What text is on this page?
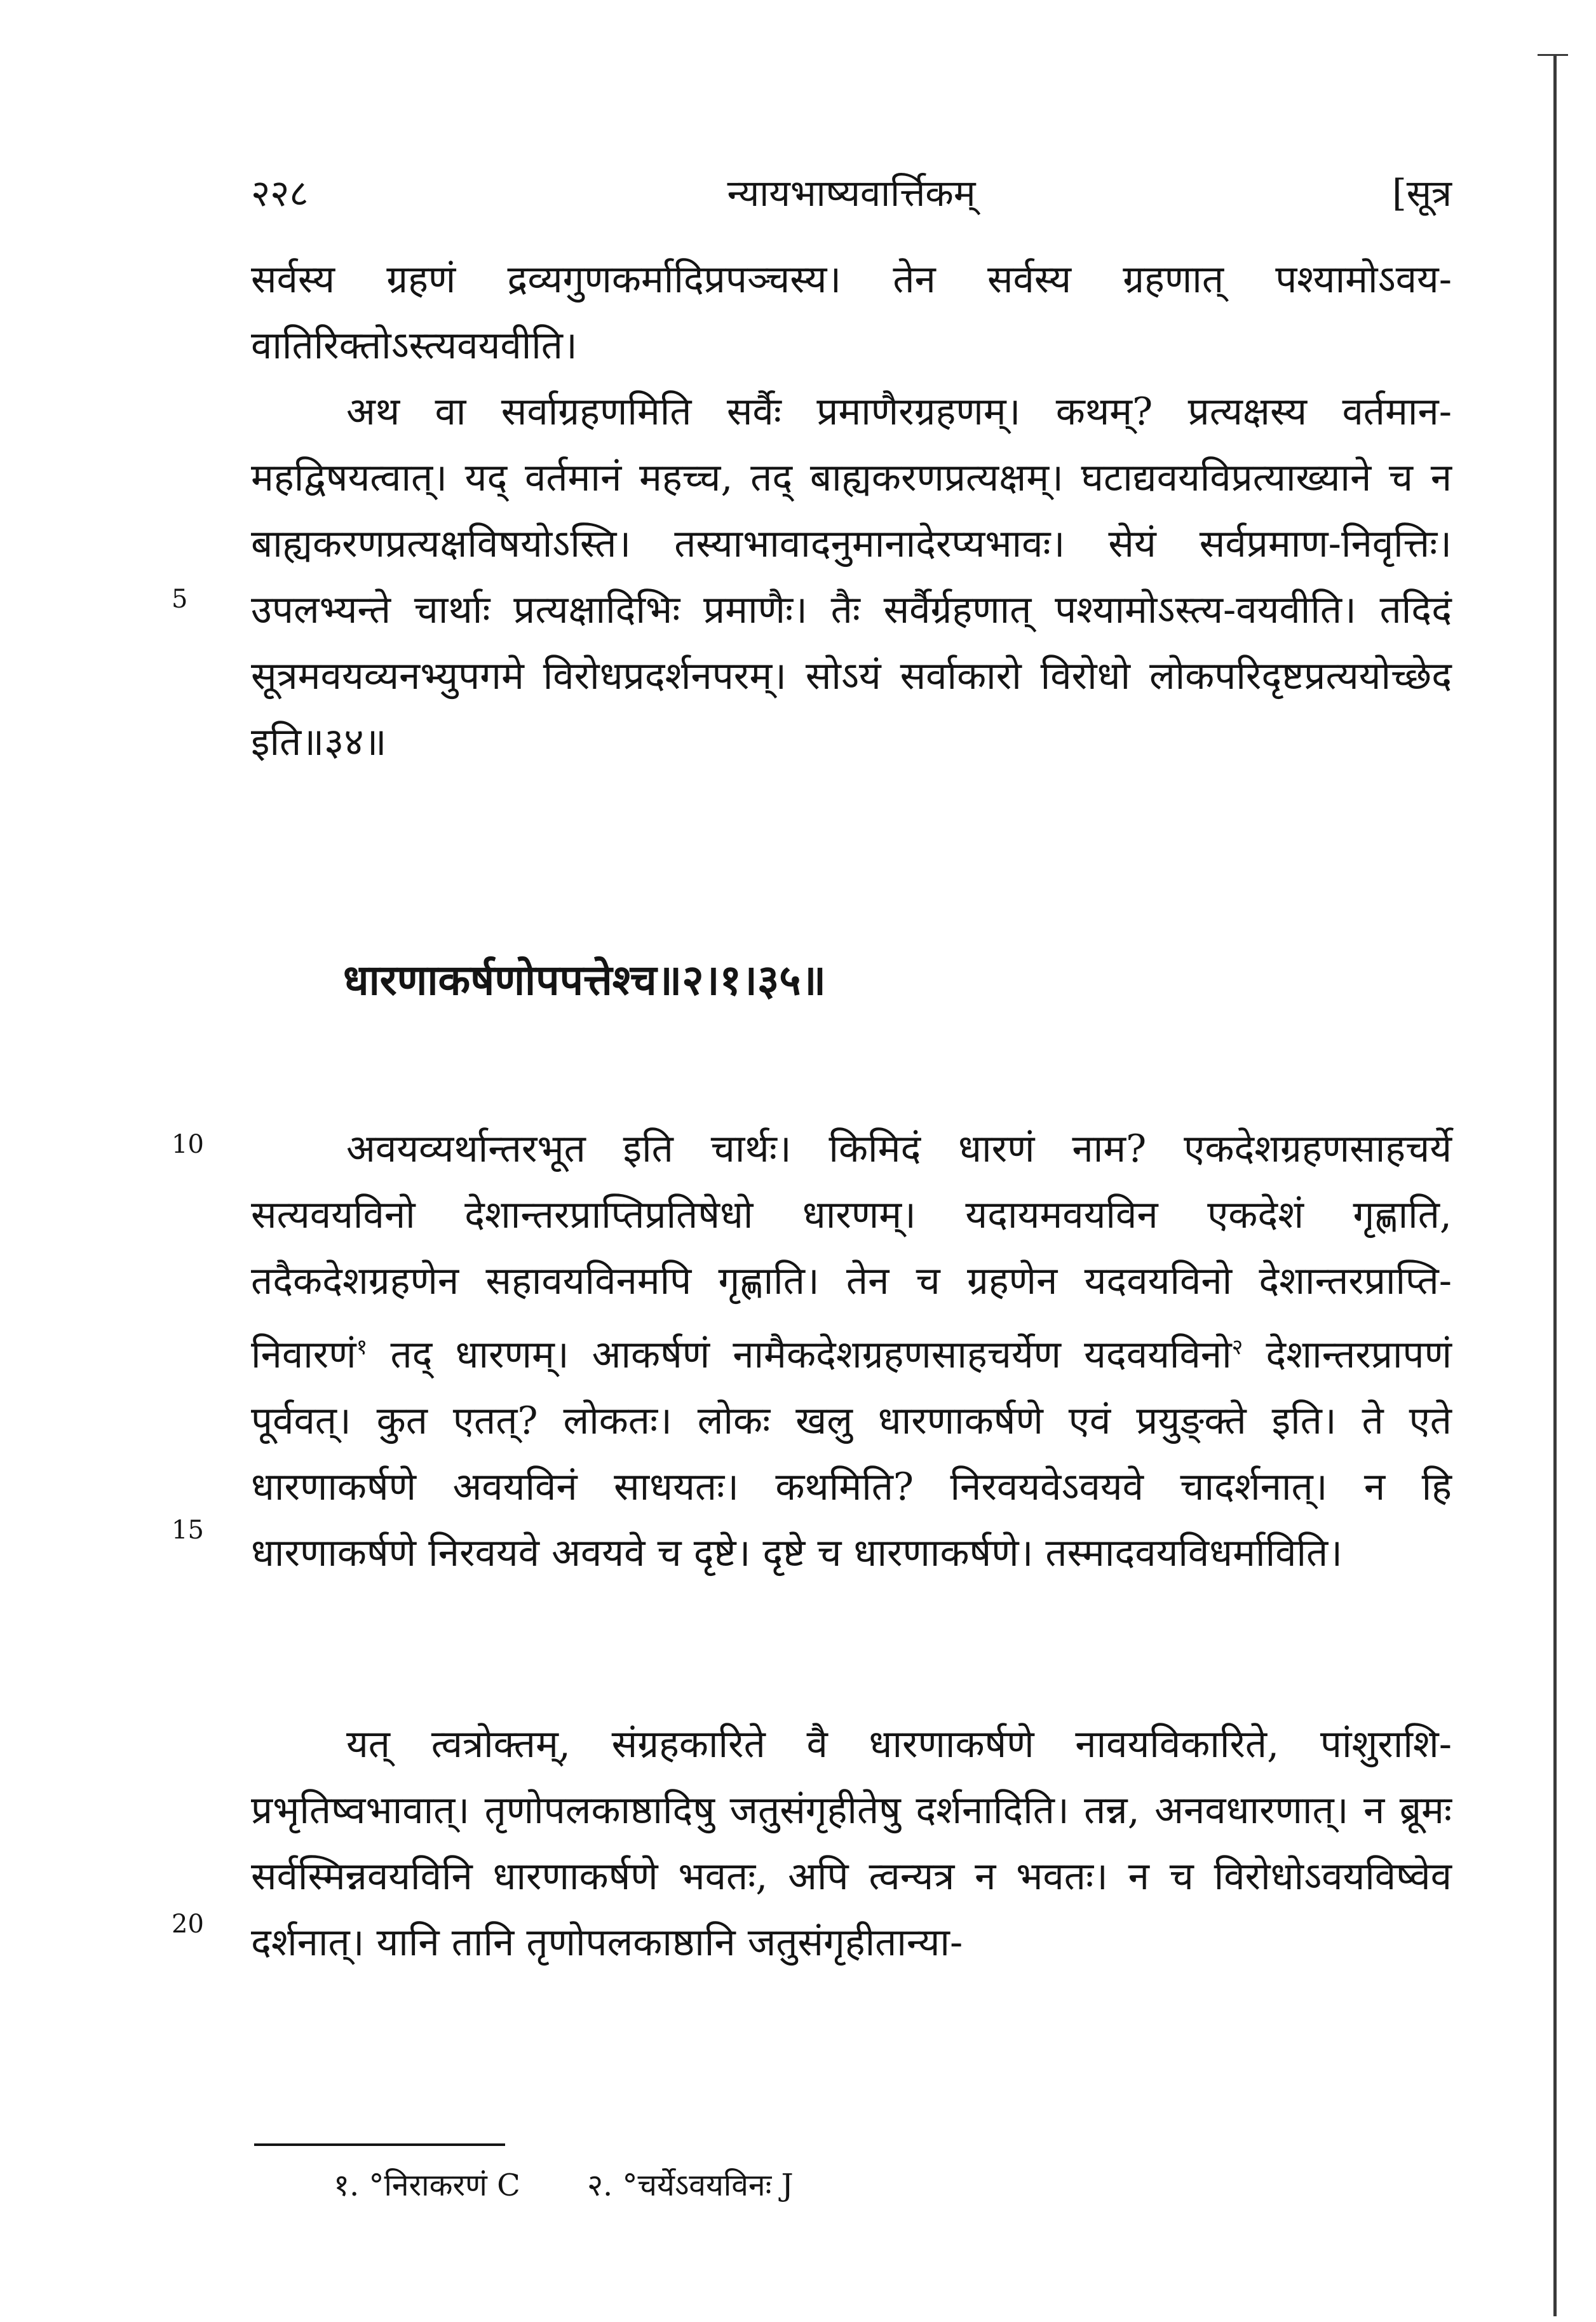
२२८	न्यायभाष्यवार्त्तिकम्	[सूत्र
सर्वस्य ग्रहणं द्रव्यगुणकर्मादिप्रपञ्चस्य। तेन सर्वस्य ग्रहणात् पश्यामोऽवय-वातिरिक्तोऽस्त्यवयवीति।
अथ वा सर्वाग्रहणमिति सर्वैः प्रमाणैरग्रहणम्। कथम्? प्रत्यक्षस्य वर्तमान-महद्विषयत्वात्। यद् वर्तमानं महच्च, तद् बाह्यकरणप्रत्यक्षम्। घटाद्यवयविप्रत्याख्याने च न बाह्यकरणप्रत्यक्षविषयोऽस्ति। तस्याभावादनुमानादेरप्यभावः। सेयं सर्वप्रमाण-निवृत्तिः। उपलभ्यन्ते चार्थाः प्रत्यक्षादिभिः प्रमाणैः। तैः सर्वैर्ग्रहणात् पश्यामोऽस्त्य-वयवीति। तदिदं सूत्रमवयव्यनभ्युपगमे विरोधप्रदर्शनपरम्। सोऽयं सर्वाकारो विरोधो लोकपरिदृष्टप्रत्ययोच्छेद इति॥३४॥
धारणाकर्षणोपपत्तेश्च॥२।१।३५॥
अवयव्यर्थान्तरभूत इति चार्थः। किमिदं धारणं नाम? एकदेशग्रहणसाहचर्ये सत्यवयविनो देशान्तरप्राप्तिप्रतिषेधो धारणम्। यदायमवयविन एकदेशं गृह्णाति, तदैकदेशग्रहणेन सहावयविनमपि गृह्णाति। तेन च ग्रहणेन यदवयविनो देशान्तरप्राप्ति-निवारणं$^१$ तद् धारणम्। आकर्षणं नामैकदेशग्रहणसाहचर्येण यदवयविनो$^२$ देशान्तरप्रापणं पूर्ववत्। कुत एतत्? लोकतः। लोकः खलु धारणाकर्षणे एवं प्रयुङ्क्ते इति। ते एते धारणाकर्षणे अवयविनं साधयतः। कथमिति? निरवयवेऽवयवे चादर्शनात्। न हि धारणाकर्षणे निरवयवे अवयवे च दृष्टे। दृष्टे च धारणाकर्षणे। तस्मादवयविधर्माविति।
यत् त्वत्रोक्तम्, संग्रहकारिते वै धारणाकर्षणे नावयविकारिते, पांशुराशि-प्रभृतिष्वभावात्। तृणोपलकाष्ठादिषु जतुसंगृहीतेषु दर्शनादिति। तन्न, अनवधारणात्। न ब्रूमः सर्वस्मिन्नवयविनि धारणाकर्षणे भवतः, अपि त्वन्यत्र न भवतः। न च विरोधोऽवयविष्वेव दर्शनात्। यानि तानि तृणोपलकाष्ठानि जतुसंगृहीतान्या-
5
10
15
20
१. °निराकरणं C २. °चर्येऽवयविनः J
